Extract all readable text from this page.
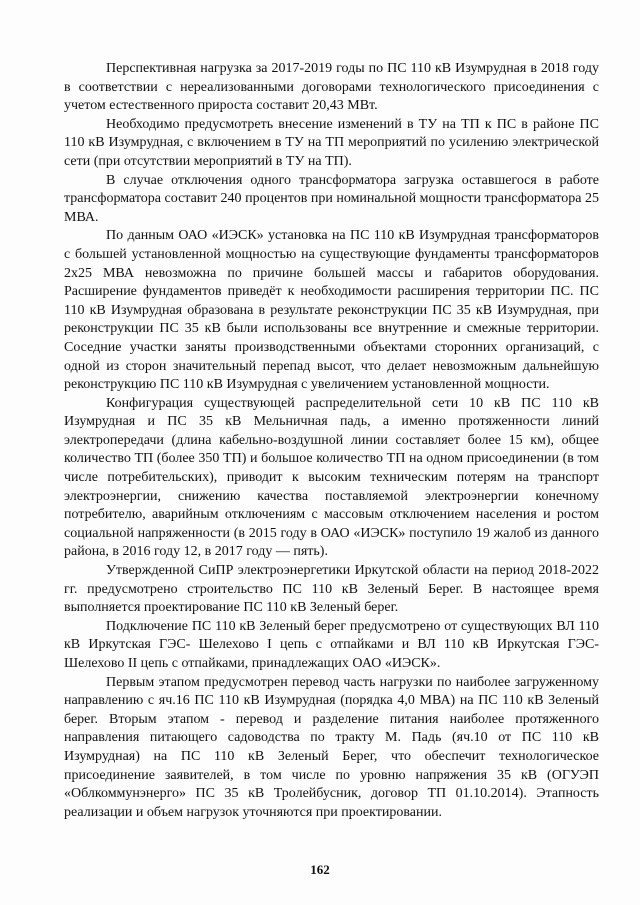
Перспективная нагрузка за 2017-2019 годы по ПС 110 кВ Изумрудная в 2018 году в соответствии с нереализованными договорами технологического присоединения с учетом естественного прироста составит 20,43 МВт.

Необходимо предусмотреть внесение изменений в ТУ на ТП к ПС в районе ПС 110 кВ Изумрудная, с включением в ТУ на ТП мероприятий по усилению электрической сети (при отсутствии мероприятий в ТУ на ТП).

В случае отключения одного трансформатора загрузка оставшегося в работе трансформатора составит 240 процентов при номинальной мощности трансформатора 25 МВА.

По данным ОАО «ИЭСК» установка на ПС 110 кВ Изумрудная трансформаторов с большей установленной мощностью на существующие фундаменты трансформаторов 2х25 МВА невозможна по причине большей массы и габаритов оборудования. Расширение фундаментов приведёт к необходимости расширения территории ПС. ПС 110 кВ Изумрудная образована в результате реконструкции ПС 35 кВ Изумрудная, при реконструкции ПС 35 кВ были использованы все внутренние и смежные территории. Соседние участки заняты производственными объектами сторонних организаций, с одной из сторон значительный перепад высот, что делает невозможным дальнейшую реконструкцию ПС 110 кВ Изумрудная с увеличением установленной мощности.

Конфигурация существующей распределительной сети 10 кВ ПС 110 кВ Изумрудная и ПС 35 кВ Мельничная падь, а именно протяженности линий электропередачи (длина кабельно-воздушной линии составляет более 15 км), общее количество ТП (более 350 ТП) и большое количество ТП на одном присоединении (в том числе потребительских), приводит к высоким техническим потерям на транспорт электроэнергии, снижению качества поставляемой электроэнергии конечному потребителю, аварийным отключениям с массовым отключением населения и ростом социальной напряженности (в 2015 году в ОАО «ИЭСК» поступило 19 жалоб из данного района, в 2016 году 12, в 2017 году — пять).

Утвержденной СиПР электроэнергетики Иркутской области на период 2018-2022 гг. предусмотрено строительство ПС 110 кВ Зеленый Берег. В настоящее время выполняется проектирование ПС 110 кВ Зеленый берег.

Подключение ПС 110 кВ Зеленый берег предусмотрено от существующих ВЛ 110 кВ Иркутская ГЭС- Шелехово I цепь с отпайками и ВЛ 110 кВ Иркутская ГЭС- Шелехово II цепь с отпайками, принадлежащих ОАО «ИЭСК».

Первым этапом предусмотрен перевод часть нагрузки по наиболее загруженному направлению с яч.16 ПС 110 кВ Изумрудная (порядка 4,0 МВА) на ПС 110 кВ Зеленый берег. Вторым этапом - перевод и разделение питания наиболее протяженного направления питающего садоводства по тракту М. Падь (яч.10 от ПС 110 кВ Изумрудная) на ПС 110 кВ Зеленый Берег, что обеспечит технологическое присоединение заявителей, в том числе по уровню напряжения 35 кВ (ОГУЭП «Облкоммунэнерго» ПС 35 кВ Тролейбусник, договор ТП 01.10.2014). Этапность реализации и объем нагрузок уточняются при проектировании.

162
